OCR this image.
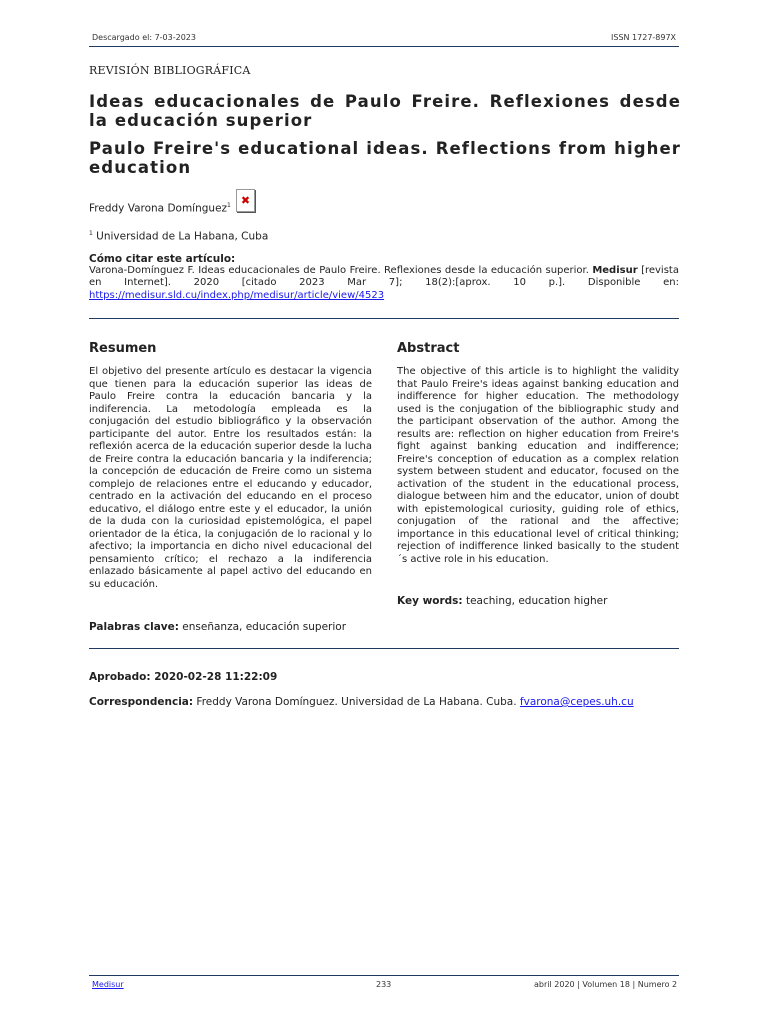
Descargado el: 7-03-2023	ISSN 1727-897X
REVISIÓN BIBLIOGRÁFICA
Ideas educacionales de Paulo Freire. Reflexiones desde la educación superior
Paulo Freire's educational ideas. Reflections from higher education
Freddy Varona Domínguez$^1$ ✖
$^1$ Universidad de La Habana, Cuba
Cómo citar este artículo:
Varona-Domínguez F. Ideas educacionales de Paulo Freire. Reflexiones desde la educación superior. Medisur [revista en Internet]. 2020 [citado 2023 Mar 7]; 18(2):[aprox. 10 p.]. Disponible en: https://medisur.sld.cu/index.php/medisur/article/view/4523
Resumen
El objetivo del presente artículo es destacar la vigencia que tienen para la educación superior las ideas de Paulo Freire contra la educación bancaria y la indiferencia. La metodología empleada es la conjugación del estudio bibliográfico y la observación participante del autor. Entre los resultados están: la reflexión acerca de la educación superior desde la lucha de Freire contra la educación bancaria y la indiferencia; la concepción de educación de Freire como un sistema complejo de relaciones entre el educando y educador, centrado en la activación del educando en el proceso educativo, el diálogo entre este y el educador, la unión de la duda con la curiosidad epistemológica, el papel orientador de la ética, la conjugación de lo racional y lo afectivo; la importancia en dicho nivel educacional del pensamiento crítico; el rechazo a la indiferencia enlazado básicamente al papel activo del educando en su educación.
Palabras clave: enseñanza, educación superior
Abstract
The objective of this article is to highlight the validity that Paulo Freire's ideas against banking education and indifference for higher education. The methodology used is the conjugation of the bibliographic study and the participant observation of the author. Among the results are: reflection on higher education from Freire's fight against banking education and indifference; Freire's conception of education as a complex relation system between student and educator, focused on the activation of the student in the educational process, dialogue between him and the educator, union of doubt with epistemological curiosity, guiding role of ethics, conjugation of the rational and the affective; importance in this educational level of critical thinking; rejection of indifference linked basically to the student´s active role in his education.
Key words: teaching, education higher
Aprobado: 2020-02-28 11:22:09
Correspondencia: Freddy Varona Domínguez. Universidad de La Habana. Cuba. fvarona@cepes.uh.cu
Medisur	233	abril 2020 | Volumen 18 | Numero 2
